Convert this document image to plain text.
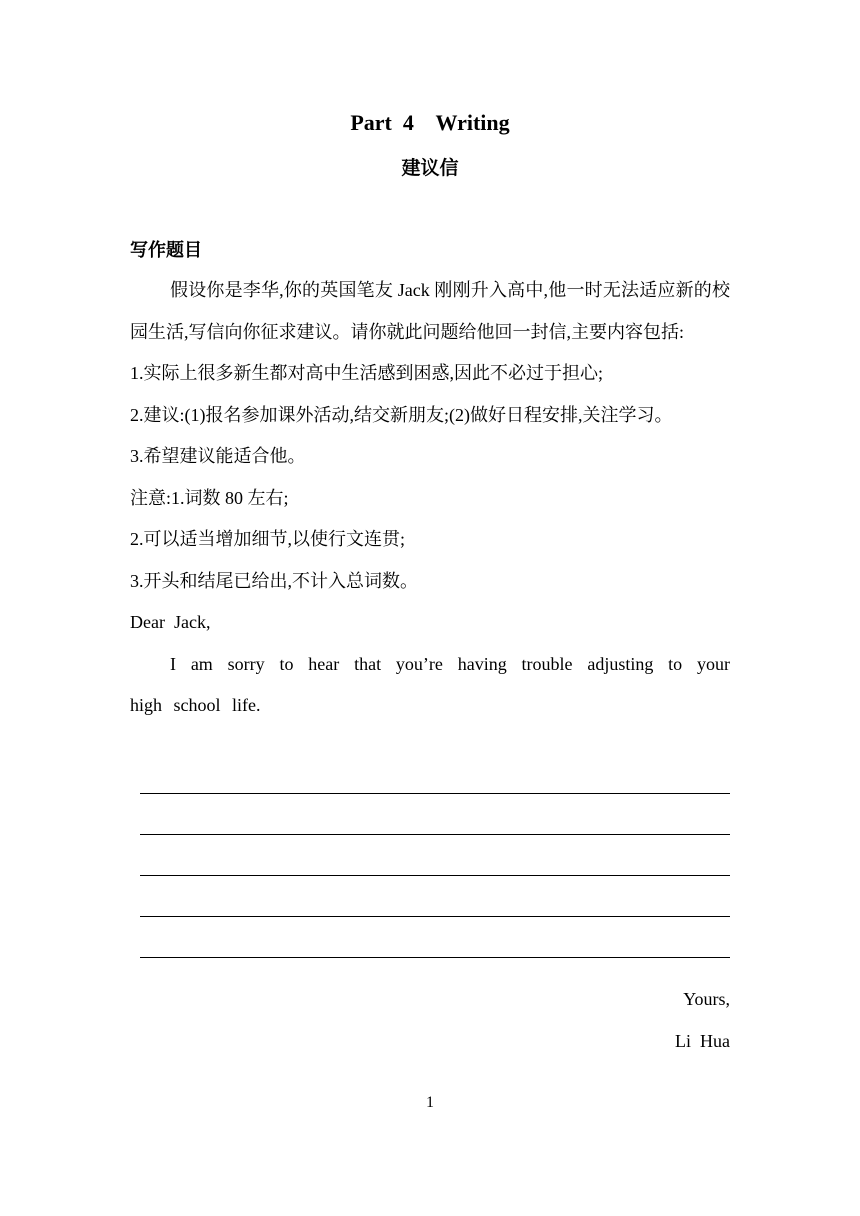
Part  4    Writing
建议信
写作题目

假设你是李华,你的英国笔友 Jack 刚刚升入高中,他一时无法适应新的校园生活,写信向你征求建议。请你就此问题给他回一封信,主要内容包括:

1.实际上很多新生都对高中生活感到困惑,因此不必过于担心;

2.建议:(1)报名参加课外活动,结交新朋友;(2)做好日程安排,关注学习。

3.希望建议能适合他。

注意:1.词数 80 左右;

2.可以适当增加细节,以使行文连贯;

3.开头和结尾已给出,不计入总词数。

Dear  Jack,

I am sorry to hear that you’re having trouble adjusting to your high school life.

Yours,

Li  Hua

1
